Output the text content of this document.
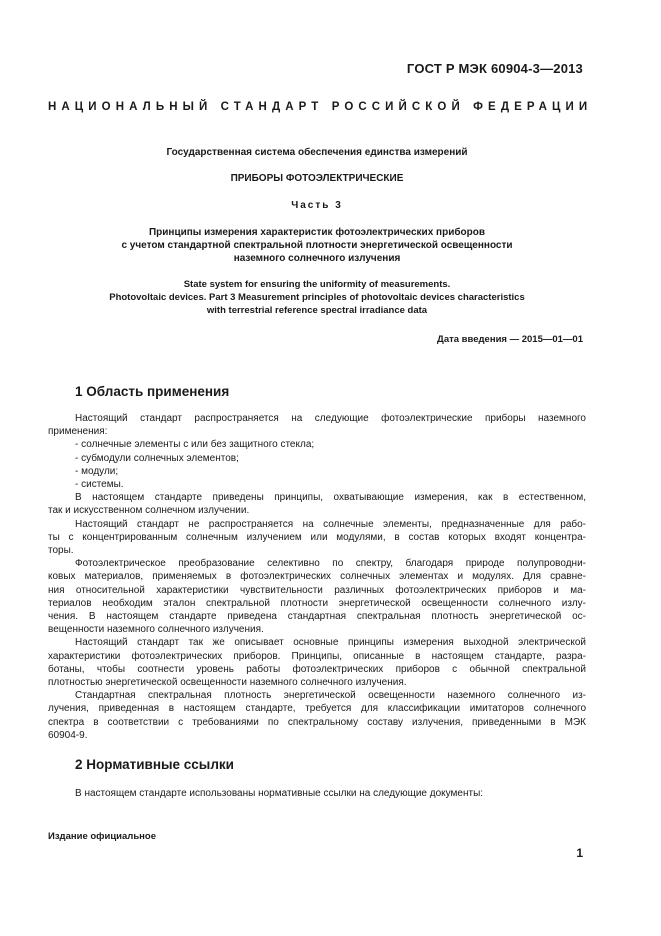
ГОСТ Р МЭК 60904-3—2013
НАЦИОНАЛЬНЫЙ СТАНДАРТ РОССИЙСКОЙ ФЕДЕРАЦИИ
Государственная система обеспечения единства измерений
ПРИБОРЫ ФОТОЭЛЕКТРИЧЕСКИЕ
Часть 3
Принципы измерения характеристик фотоэлектрических приборов
с учетом стандартной спектральной плотности энергетической освещенности
наземного солнечного излучения
State system for ensuring the uniformity of measurements.
Photovoltaic devices. Part 3 Measurement principles of photovoltaic devices characteristics
with terrestrial reference spectral irradiance data
Дата введения — 2015—01—01
1 Область применения
Настоящий стандарт распространяется на следующие фотоэлектрические приборы наземного
применения:
- солнечные элементы с или без защитного стекла;
- субмодули солнечных элементов;
- модули;
- системы.
В настоящем стандарте приведены принципы, охватывающие измерения, как в естественном,
так и искусственном солнечном излучении.
Настоящий стандарт не распространяется на солнечные элементы, предназначенные для рабо-
ты с концентрированным солнечным излучением или модулями, в состав которых входят концентра-
торы.
Фотоэлектрическое преобразование селективно по спектру, благодаря природе полупроводни-
ковых материалов, применяемых в фотоэлектрических солнечных элементах и модулях. Для сравне-
ния относительной характеристики чувствительности различных фотоэлектрических приборов и ма-
териалов необходим эталон спектральной плотности энергетической освещенности солнечного излу-
чения. В настоящем стандарте приведена стандартная спектральная плотность энергетической ос-
вещенности наземного солнечного излучения.
Настоящий стандарт так же описывает основные принципы измерения выходной электрической
характеристики фотоэлектрических приборов. Принципы, описанные в настоящем стандарте, разра-
ботаны, чтобы соотнести уровень работы фотоэлектрических приборов с обычной спектральной
плотностью энергетической освещенности наземного солнечного излучения.
Стандартная спектральная плотность энергетической освещенности наземного солнечного из-
лучения, приведенная в настоящем стандарте, требуется для классификации имитаторов солнечного
спектра в соответствии с требованиями по спектральному составу излучения, приведенными в МЭК
60904-9.
2 Нормативные ссылки
В настоящем стандарте использованы нормативные ссылки на следующие документы:
Издание официальное
1
